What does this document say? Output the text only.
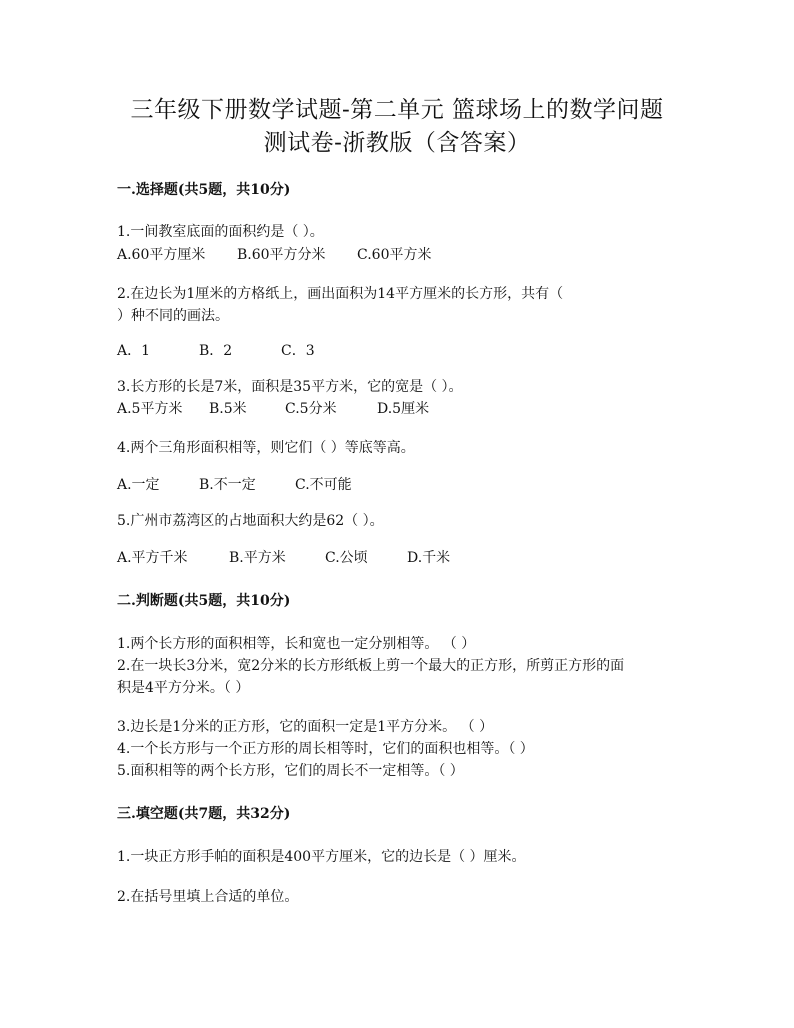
三年级下册数学试题-第二单元 篮球场上的数学问题
测试卷-浙教版（含答案）
一.选择题(共5题，共10分)
1.一间教室底面的面积约是（ ）。
A.60平方厘米 B.60平方分米 C.60平方米
2.在边长为1厘米的方格纸上，画出面积为14平方厘米的长方形，共有（
）种不同的画法。
A．1	B．2	C．3
3.长方形的长是7米，面积是35平方米，它的宽是（ ）。
A.5平方米 B.5米	C.5分米	D.5厘米
4.两个三角形面积相等，则它们（ ）等底等高。
A.一定	B.不一定	C.不可能
5.广州市荔湾区的占地面积大约是62（ ）。
A.平方千米	B.平方米	C.公顷	D.千米
二.判断题(共5题，共10分)
1.两个长方形的面积相等，长和宽也一定分别相等。 （ ）
2.在一块长3分米，宽2分米的长方形纸板上剪一个最大的正方形，所剪正方形的面
积是4平方分米。（ ）
3.边长是1分米的正方形，它的面积一定是1平方分米。 （ ）
4.一个长方形与一个正方形的周长相等时，它们的面积也相等。（ ）
5.面积相等的两个长方形，它们的周长不一定相等。（ ）
三.填空题(共7题，共32分)
1.一块正方形手帕的面积是400平方厘米，它的边长是（ ）厘米。
2.在括号里填上合适的单位。
